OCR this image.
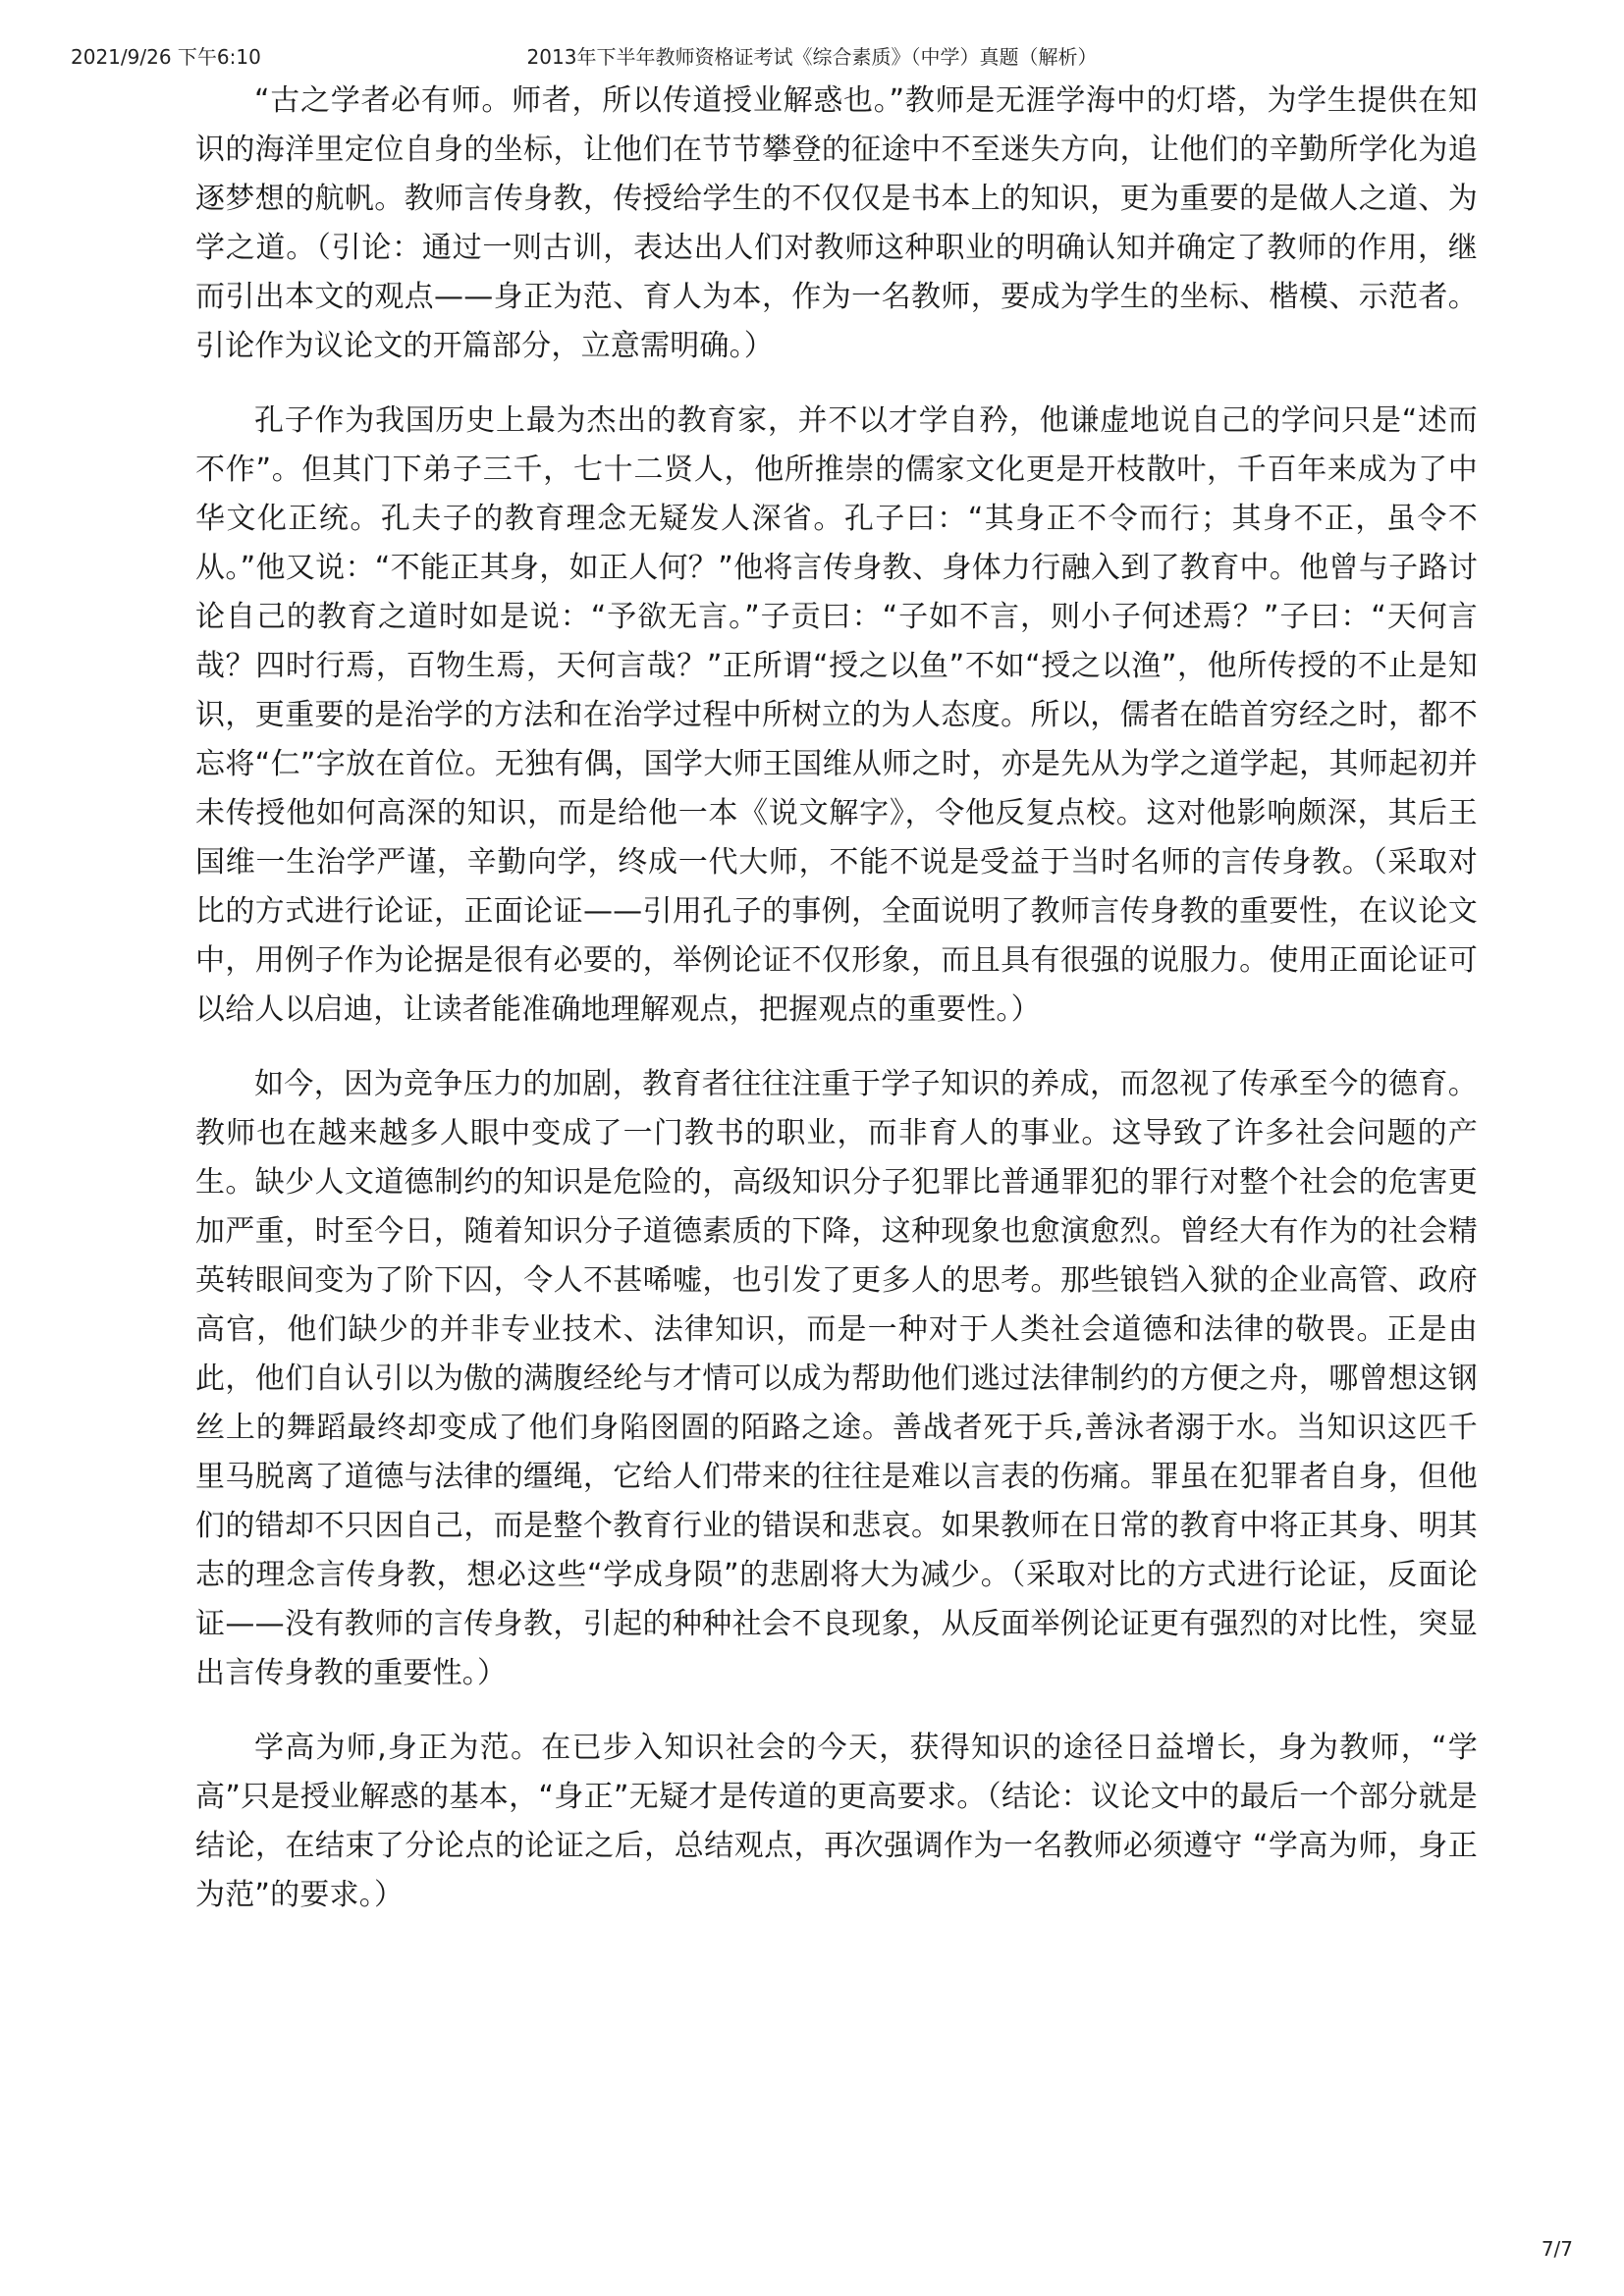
2021/9/26 下午6:10	2013年下半年教师资格证考试《综合素质》（中学）真题（解析）

“古之学者必有师。师者，所以传道授业解惑也。”教师是无涯学海中的灯塔，为学生提供在知识的海洋里定位自身的坐标，让他们在节节攀登的征途中不至迷失方向，让他们的辛勤所学化为追逐梦想的航帆。教师言传身教，传授给学生的不仅仅是书本上的知识，更为重要的是做人之道、为学之道。（引论：通过一则古训，表达出人们对教师这种职业的明确认知并确定了教师的作用，继而引出本文的观点——身正为范、育人为本，作为一名教师，要成为学生的坐标、楷模、示范者。引论作为议论文的开篇部分，立意需明确。）

孔子作为我国历史上最为杰出的教育家，并不以才学自矜，他谦虚地说自己的学问只是“述而不作”。但其门下弟子三千，七十二贤人，他所推崇的儒家文化更是开枝散叶，千百年来成为了中华文化正统。孔夫子的教育理念无疑发人深省。孔子曰：“其身正不令而行；其身不正，虽令不从。”他又说：“不能正其身，如正人何？”他将言传身教、身体力行融入到了教育中。他曾与子路讨论自己的教育之道时如是说：“予欲无言。”子贡曰：“子如不言，则小子何述焉？”子曰：“天何言哉？四时行焉，百物生焉，天何言哉？”正所谓“授之以鱼”不如“授之以渔”，他所传授的不止是知识，更重要的是治学的方法和在治学过程中所树立的为人态度。所以，儒者在皓首穷经之时，都不忘将“仁”字放在首位。无独有偶，国学大师王国维从师之时，亦是先从为学之道学起，其师起初并未传授他如何高深的知识，而是给他一本《说文解字》，令他反复点校。这对他影响颇深，其后王国维一生治学严谨，辛勤向学，终成一代大师，不能不说是受益于当时名师的言传身教。（采取对比的方式进行论证，正面论证——引用孔子的事例，全面说明了教师言传身教的重要性，在议论文中，用例子作为论据是很有必要的，举例论证不仅形象，而且具有很强的说服力。使用正面论证可以给人以启迪，让读者能准确地理解观点，把握观点的重要性。）

如今，因为竞争压力的加剧，教育者往往注重于学子知识的养成，而忽视了传承至今的德育。教师也在越来越多人眼中变成了一门教书的职业，而非育人的事业。这导致了许多社会问题的产生。缺少人文道德制约的知识是危险的，高级知识分子犯罪比普通罪犯的罪行对整个社会的危害更加严重，时至今日，随着知识分子道德素质的下降，这种现象也愈演愈烈。曾经大有作为的社会精英转眼间变为了阶下囚，令人不甚唏嘘，也引发了更多人的思考。那些锒铛入狱的企业高管、政府高官，他们缺少的并非专业技术、法律知识，而是一种对于人类社会道德和法律的敬畏。正是由此，他们自认引以为傲的满腹经纶与才情可以成为帮助他们逃过法律制约的方便之舟，哪曾想这钢丝上的舞蹈最终却变成了他们身陷囹圄的陌路之途。善战者死于兵,善泳者溺于水。当知识这匹千里马脱离了道德与法律的缰绳，它给人们带来的往往是难以言表的伤痛。罪虽在犯罪者自身，但他们的错却不只因自己，而是整个教育行业的错误和悲哀。如果教师在日常的教育中将正其身、明其志的理念言传身教，想必这些“学成身陨”的悲剧将大为减少。（采取对比的方式进行论证，反面论证——没有教师的言传身教，引起的种种社会不良现象，从反面举例论证更有强烈的对比性，突显出言传身教的重要性。）

学高为师,身正为范。在已步入知识社会的今天，获得知识的途径日益增长，身为教师，“学高”只是授业解惑的基本，“身正”无疑才是传道的更高要求。（结论：议论文中的最后一个部分就是结论，在结束了分论点的论证之后，总结观点，再次强调作为一名教师必须遵守 “学高为师，身正为范”的要求。）

7/7
